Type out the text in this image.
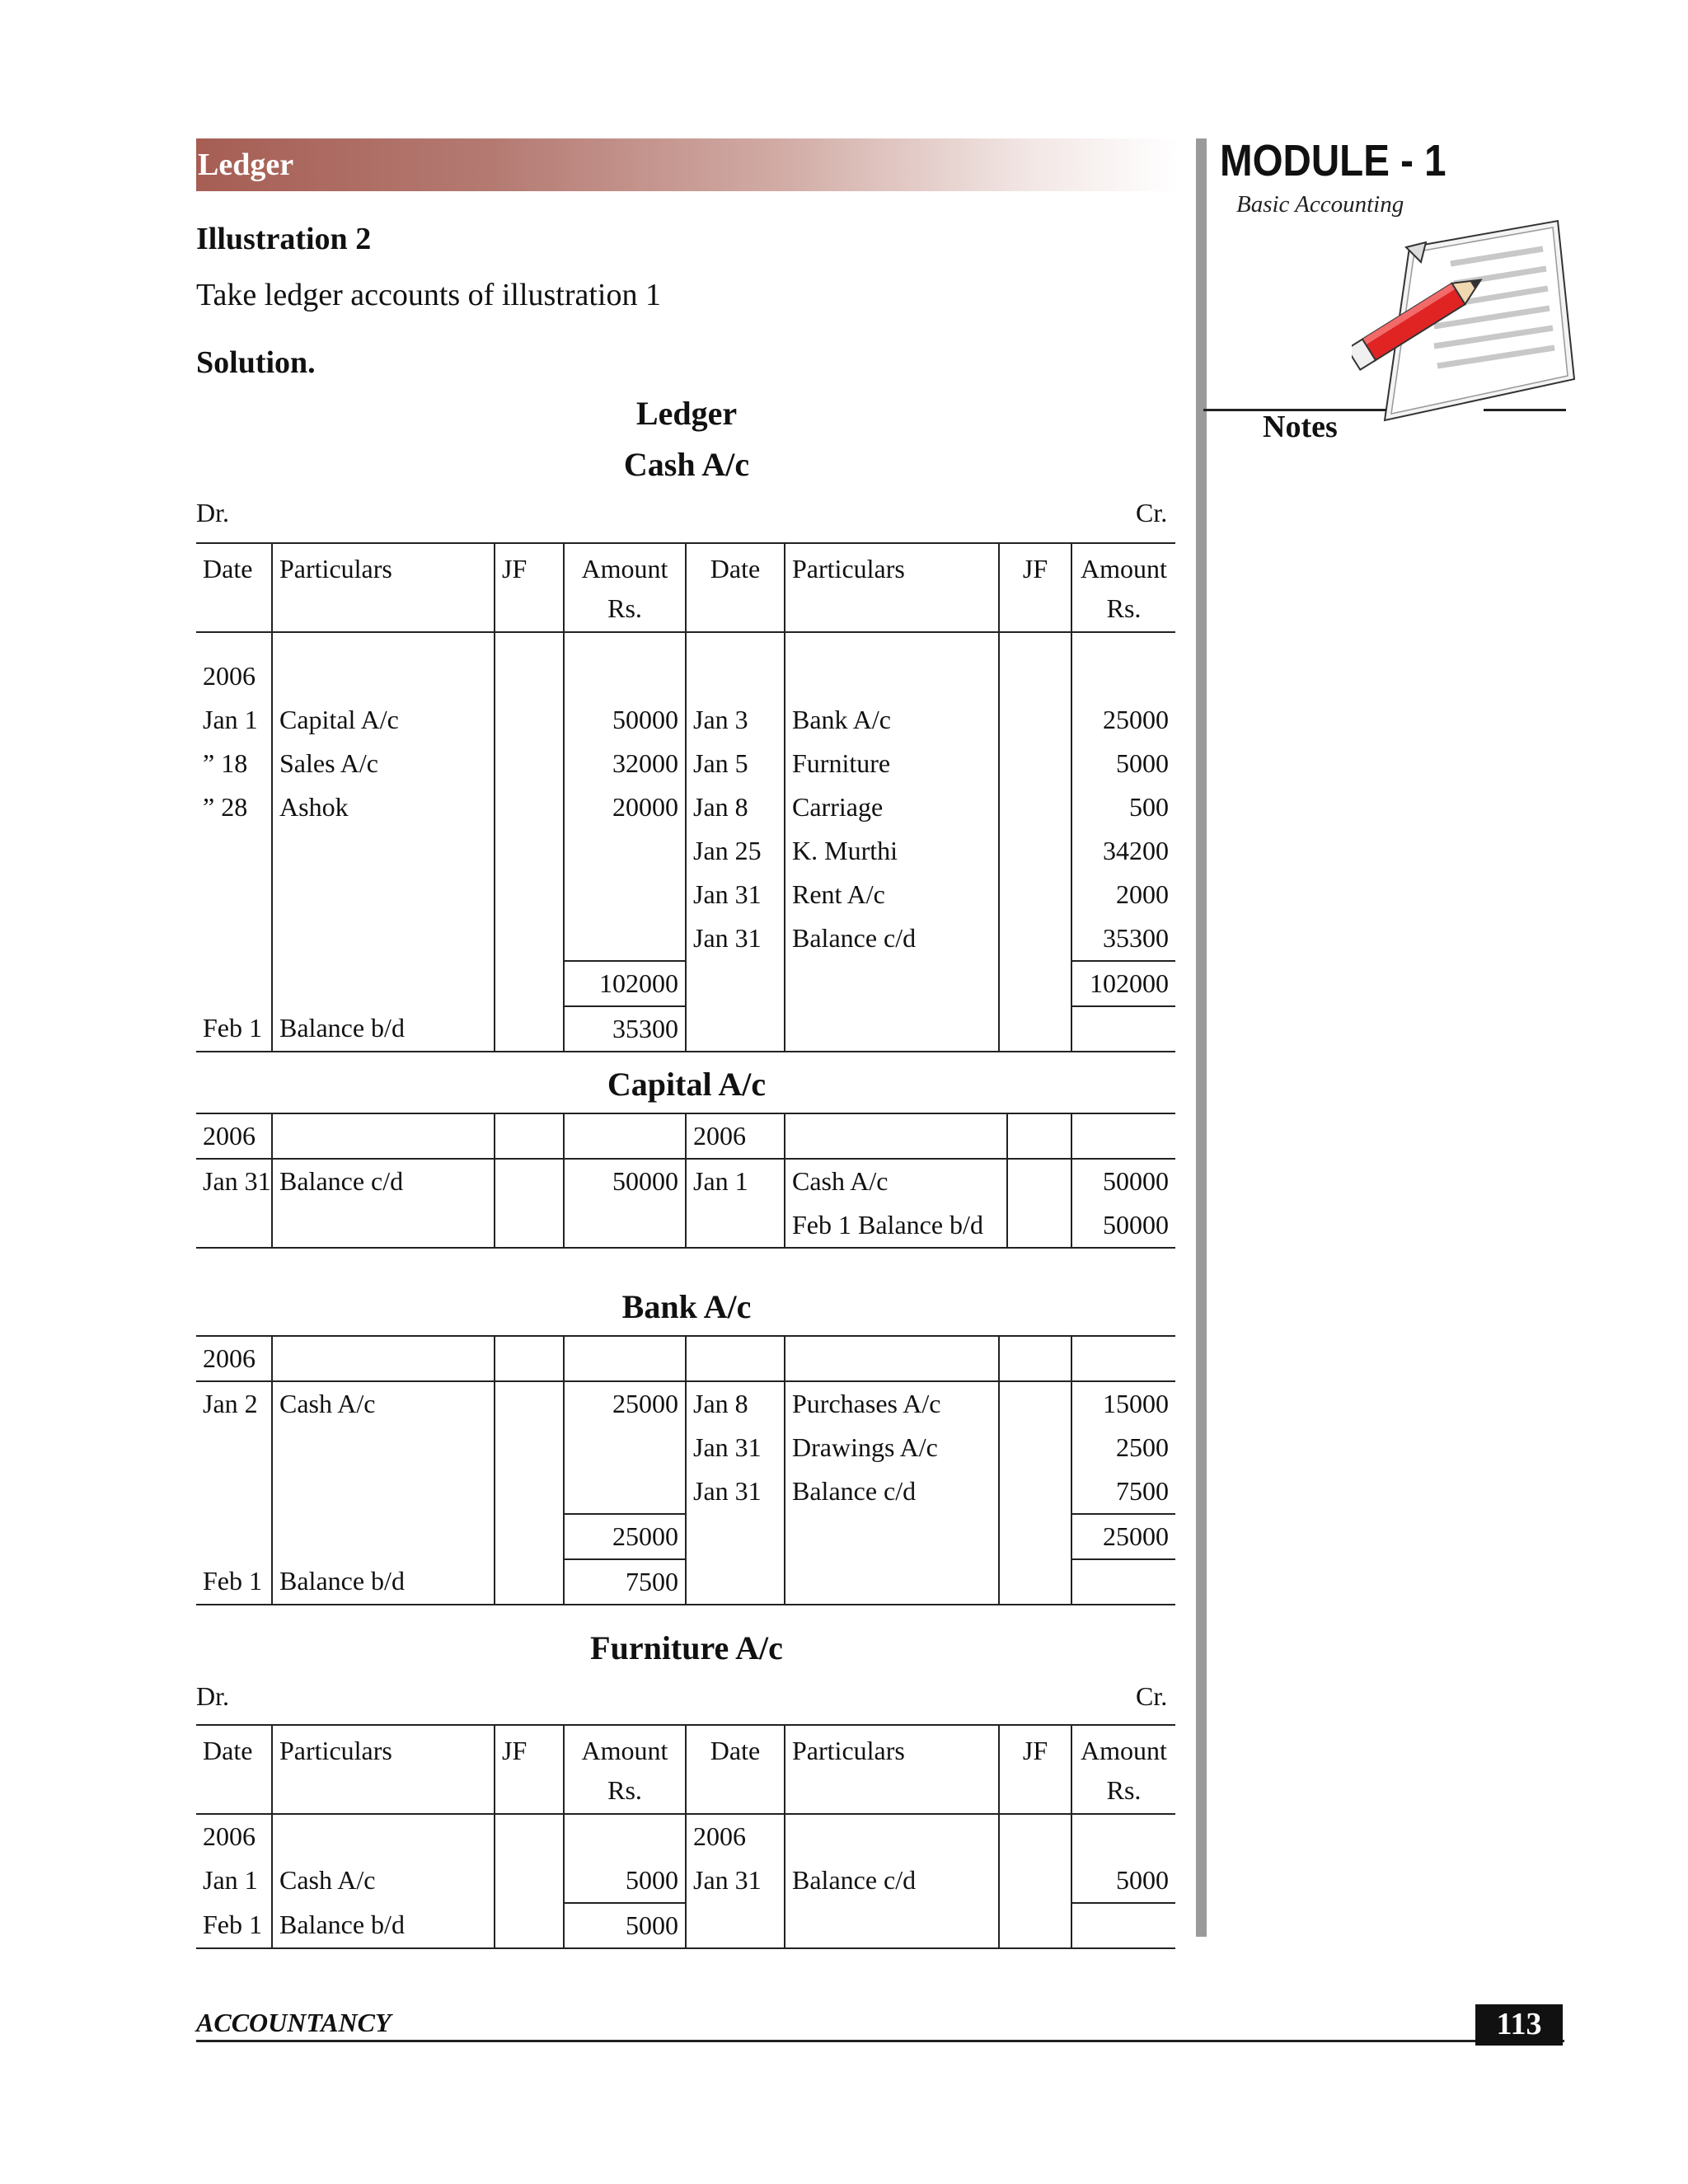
Ledger	MODULE - 1
Basic Accounting
Notes
Illustration 2
Take ledger accounts of illustration 1
Solution.
Ledger
Cash A/c
Dr.	Cr.
Date	Particulars	JF	Amount	Date	Particulars	JF	Amount
			Rs.				Rs.

2006							
Jan 1	Capital A/c		50000	Jan 3	Bank A/c		25000
” 18	Sales A/c		32000	Jan 5	Furniture		5000
” 28	Ashok		20000	Jan 8	Carriage		500
				Jan 25	K. Murthi		34200
				Jan 31	Rent A/c		2000
				Jan 31	Balance c/d		35300
			102000				102000
Feb 1	Balance b/d		35300				
Capital A/c
2006				2006			
Jan 31	Balance c/d		50000	Jan 1	Cash A/c		50000
					Feb 1 Balance b/d		50000
Bank A/c
2006							
Jan 2	Cash A/c		25000	Jan 8	Purchases A/c		15000
				Jan 31	Drawings A/c		2500
				Jan 31	Balance c/d		7500
			25000				25000
Feb 1	Balance b/d		7500				
Furniture A/c
Dr.	Cr.
Date	Particulars	JF	Amount	Date	Particulars	JF	Amount
			Rs.				Rs.
2006				2006			
Jan 1	Cash A/c		5000	Jan 31	Balance c/d		5000
Feb 1	Balance b/d		5000				
ACCOUNTANCY	113
